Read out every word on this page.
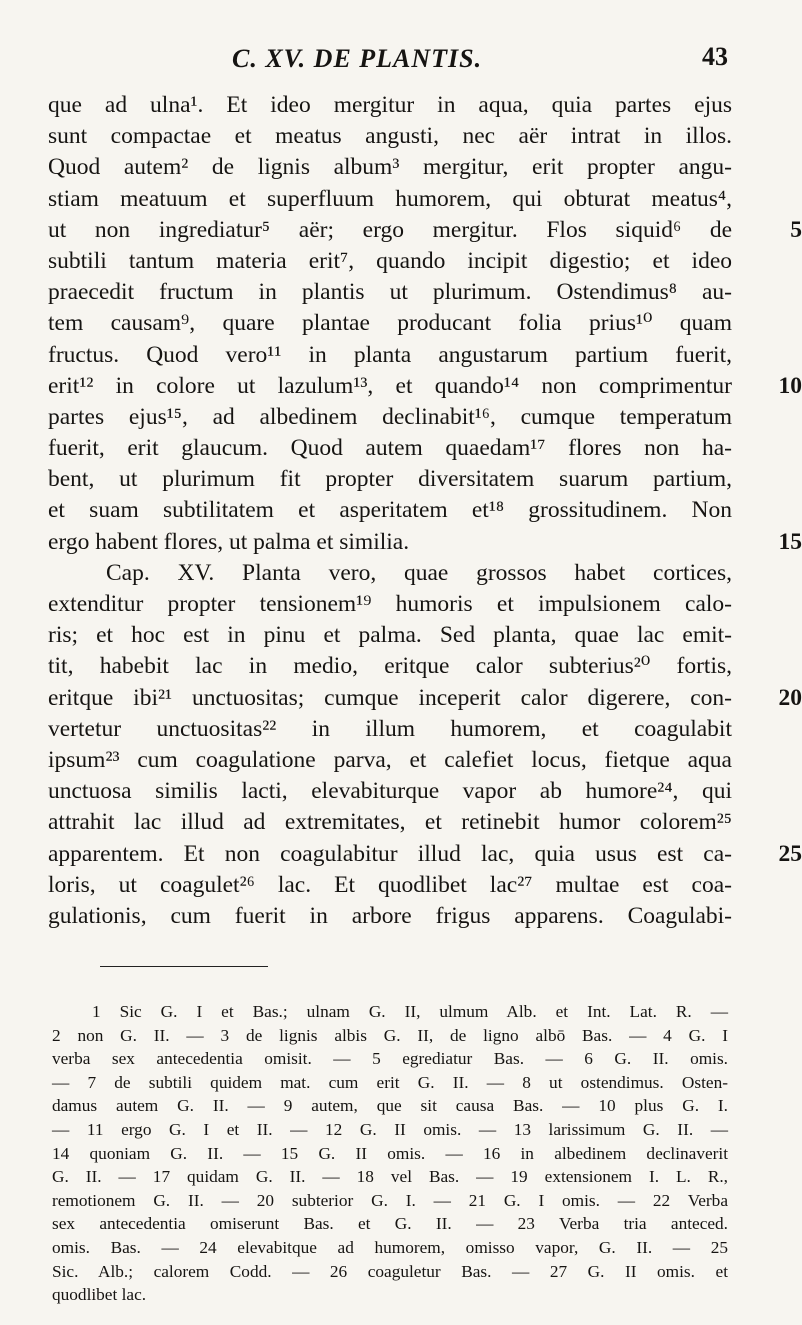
C. XV. DE PLANTIS.	43
que ad ulna¹. Et ideo mergitur in aqua, quia partes ejus
sunt compactae et meatus angusti, nec aër intrat in illos.
Quod autem² de lignis album³ mergitur, erit propter angu-
stiam meatuum et superfluum humorem, qui obturat meatus⁴,
ut non ingrediatur⁵ aër; ergo mergitur. Flos siquid⁶ de
subtili tantum materia erit⁷, quando incipit digestio; et ideo
praecedit fructum in plantis ut plurimum. Ostendimus⁸ au-
tem causam⁹, quare plantae producant folia prius¹⁰ quam
fructus. Quod vero¹¹ in planta angustarum partium fuerit,
erit¹² in colore ut lazulum¹³, et quando¹⁴ non comprimentur
partes ejus¹⁵, ad albedinem declinabit¹⁶, cumque temperatum
fuerit, erit glaucum. Quod autem quaedam¹⁷ flores non ha-
bent, ut plurimum fit propter diversitatem suarum partium,
et suam subtilitatem et asperitatem et¹⁸ grossitudinem. Non
ergo habent flores, ut palma et similia.
Cap. XV. Planta vero, quae grossos habet cortices,
extenditur propter tensionem¹⁹ humoris et impulsionem calo-
ris; et hoc est in pinu et palma. Sed planta, quae lac emit-
tit, habebit lac in medio, eritque calor subterius²⁰ fortis,
eritque ibi²¹ unctuositas; cumque inceperit calor digerere, con-
vertetur unctuositas²² in illum humorem, et coagulabit
ipsum²³ cum coagulatione parva, et calefiet locus, fietque aqua
unctuosa similis lacti, elevabiturque vapor ab humore²⁴, qui
attrahit lac illud ad extremitates, et retinebit humor colorem²⁵
apparentem. Et non coagulabitur illud lac, quia usus est ca-
loris, ut coagulet²⁶ lac. Et quodlibet lac²⁷ multae est coa-
gulationis, cum fuerit in arbore frigus apparens. Coagulabi-
5
10
15
20
25
1 Sic G. I et Bas.; ulnam G. II, ulmum Alb. et Int. Lat. R. —
2 non G. II. — 3 de lignis albis G. II, de ligno albō Bas. — 4 G. I
verba sex antecedentia omisit. — 5 egrediatur Bas. — 6 G. II. omis.
— 7 de subtili quidem mat. cum erit G. II. — 8 ut ostendimus. Osten-
damus autem G. II. — 9 autem, que sit causa Bas. — 10 plus G. I.
— 11 ergo G. I et II. — 12 G. II omis. — 13 larissimum G. II. —
14 quoniam G. II. — 15 G. II omis. — 16 in albedinem declinaverit
G. II. — 17 quidam G. II. — 18 vel Bas. — 19 extensionem I. L. R.,
remotionem G. II. — 20 subterior G. I. — 21 G. I omis. — 22 Verba
sex antecedentia omiserunt Bas. et G. II. — 23 Verba tria anteced.
omis. Bas. — 24 elevabitque ad humorem, omisso vapor, G. II. — 25
Sic. Alb.; calorem Codd. — 26 coaguletur Bas. — 27 G. II omis. et
quodlibet lac.
